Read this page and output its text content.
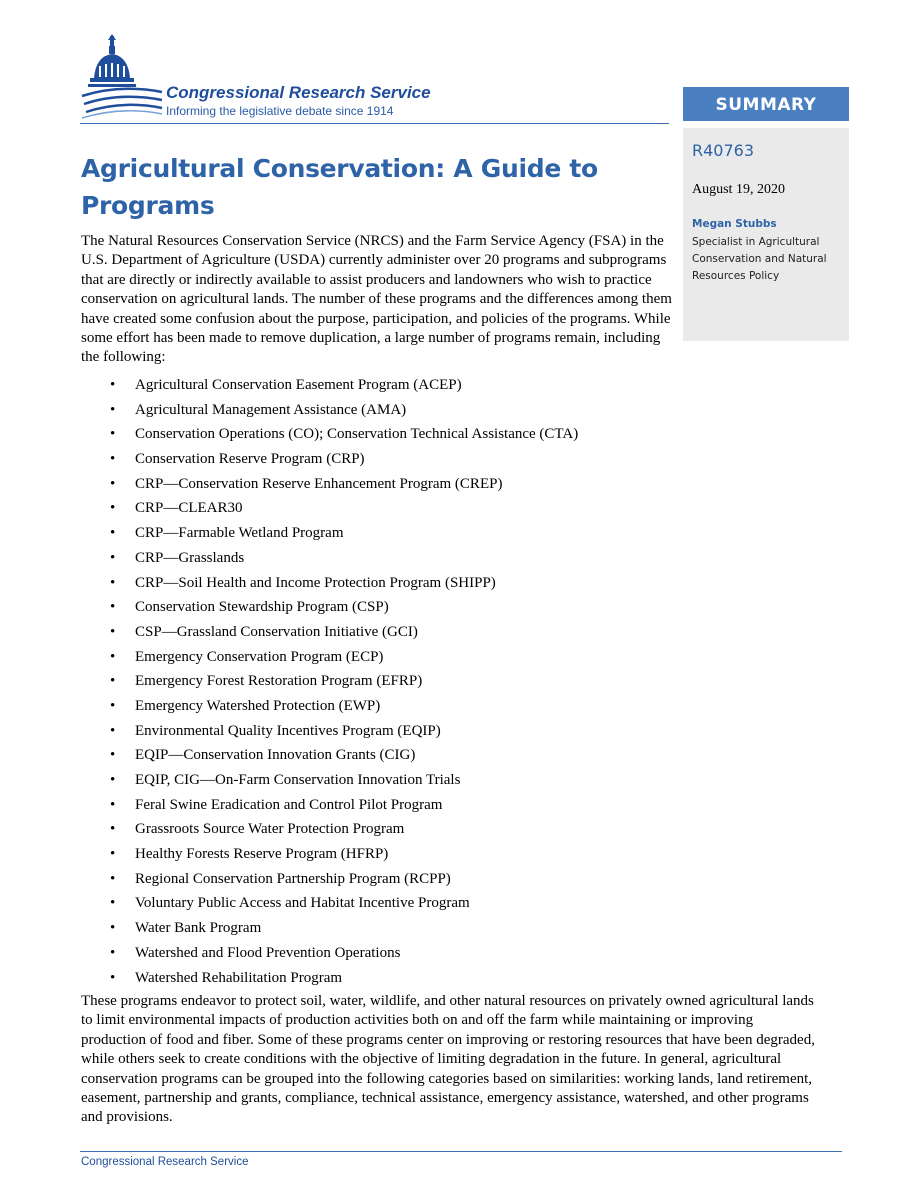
Congressional Research Service
Informing the legislative debate since 1914	SUMMARY
R40763
August 19, 2020
Megan Stubbs
Specialist in Agricultural Conservation and Natural Resources Policy
Agricultural Conservation: A Guide to Programs

The Natural Resources Conservation Service (NRCS) and the Farm Service Agency (FSA) in the U.S. Department of Agriculture (USDA) currently administer over 20 programs and subprograms that are directly or indirectly available to assist producers and landowners who wish to practice conservation on agricultural lands. The number of these programs and the differences among them have created some confusion about the purpose, participation, and policies of the programs. While some effort has been made to remove duplication, a large number of programs remain, including the following:

• Agricultural Conservation Easement Program (ACEP)
• Agricultural Management Assistance (AMA)
• Conservation Operations (CO); Conservation Technical Assistance (CTA)
• Conservation Reserve Program (CRP)
• CRP—Conservation Reserve Enhancement Program (CREP)
• CRP—CLEAR30
• CRP—Farmable Wetland Program
• CRP—Grasslands
• CRP—Soil Health and Income Protection Program (SHIPP)
• Conservation Stewardship Program (CSP)
• CSP—Grassland Conservation Initiative (GCI)
• Emergency Conservation Program (ECP)
• Emergency Forest Restoration Program (EFRP)
• Emergency Watershed Protection (EWP)
• Environmental Quality Incentives Program (EQIP)
• EQIP—Conservation Innovation Grants (CIG)
• EQIP, CIG—On-Farm Conservation Innovation Trials
• Feral Swine Eradication and Control Pilot Program
• Grassroots Source Water Protection Program
• Healthy Forests Reserve Program (HFRP)
• Regional Conservation Partnership Program (RCPP)
• Voluntary Public Access and Habitat Incentive Program
• Water Bank Program
• Watershed and Flood Prevention Operations
• Watershed Rehabilitation Program

These programs endeavor to protect soil, water, wildlife, and other natural resources on privately owned agricultural lands to limit environmental impacts of production activities both on and off the farm while maintaining or improving production of food and fiber. Some of these programs center on improving or restoring resources that have been degraded, while others seek to create conditions with the objective of limiting degradation in the future. In general, agricultural conservation programs can be grouped into the following categories based on similarities: working lands, land retirement, easement, partnership and grants, compliance, technical assistance, emergency assistance, watershed, and other programs and provisions.

Congressional Research Service
